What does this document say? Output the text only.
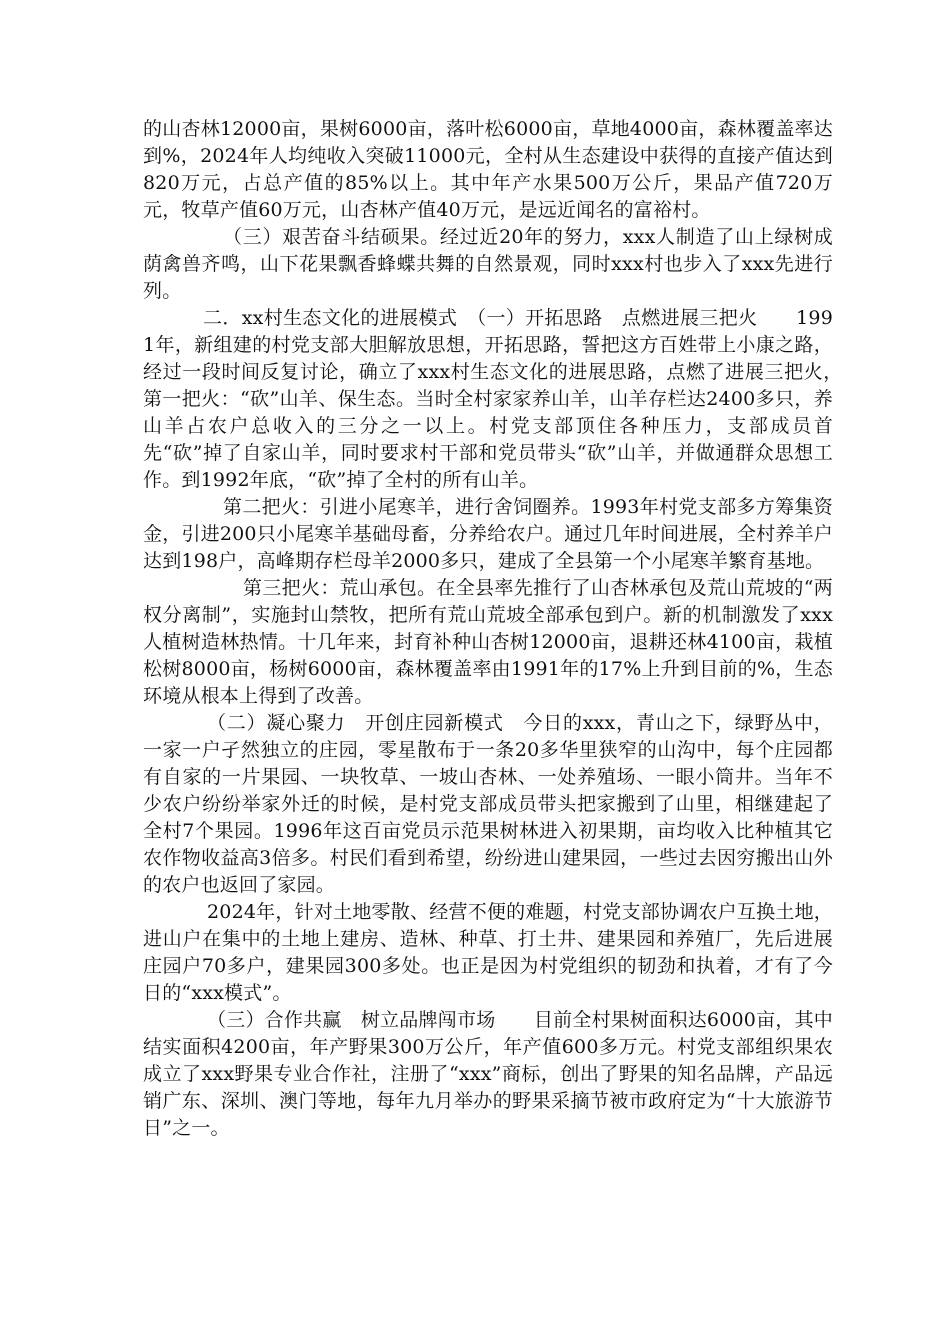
的山杏林12000亩，果树6000亩，落叶松6000亩，草地4000亩，森林覆盖率达到%，2024年人均纯收入突破11000元，全村从生态建设中获得的直接产值达到820万元，占总产值的85%以上。其中年产水果500万公斤，果品产值720万元，牧草产值60万元，山杏林产值40万元，是远近闻名的富裕村。

（三）艰苦奋斗结硕果。经过近20年的努力，xxx人制造了山上绿树成荫禽兽齐鸣，山下花果飘香蜂蝶共舞的自然景观，同时xxx村也步入了xxx先进行列。

二．xx村生态文化的进展模式　（一）开拓思路　点燃进展三把火　　1991年，新组建的村党支部大胆解放思想，开拓思路，誓把这方百姓带上小康之路，经过一段时间反复讨论，确立了xxx村生态文化的进展思路，点燃了进展三把火，　　第一把火：“砍”山羊、保生态。当时全村家家养山羊，山羊存栏达2400多只，养山羊占农户总收入的三分之一以上。村党支部顶住各种压力，支部成员首先“砍”掉了自家山羊，同时要求村干部和党员带头“砍”山羊，并做通群众思想工作。到1992年底，“砍”掉了全村的所有山羊。

第二把火：引进小尾寒羊，进行舍饲圈养。1993年村党支部多方筹集资金，引进200只小尾寒羊基础母畜，分养给农户。通过几年时间进展，全村养羊户达到198户，高峰期存栏母羊2000多只，建成了全县第一个小尾寒羊繁育基地。

第三把火：荒山承包。在全县率先推行了山杏林承包及荒山荒坡的“两权分离制”，实施封山禁牧，把所有荒山荒坡全部承包到户。新的机制激发了xxx人植树造林热情。十几年来，封育补种山杏树12000亩，退耕还林4100亩，栽植松树8000亩，杨树6000亩，森林覆盖率由1991年的17%上升到目前的%，生态环境从根本上得到了改善。

（二）凝心聚力　开创庄园新模式　今日的xxx，青山之下，绿野丛中，一家一户孑然独立的庄园，零星散布于一条20多华里狭窄的山沟中，每个庄园都有自家的一片果园、一块牧草、一坡山杏林、一处养殖场、一眼小筒井。当年不少农户纷纷举家外迁的时候，是村党支部成员带头把家搬到了山里，相继建起了全村7个果园。1996年这百亩党员示范果树林进入初果期，亩均收入比种植其它农作物收益高3倍多。村民们看到希望，纷纷进山建果园，一些过去因穷搬出山外的农户也返回了家园。

2024年，针对土地零散、经营不便的难题，村党支部协调农户互换土地，进山户在集中的土地上建房、造林、种草、打土井、建果园和养殖厂，先后进展庄园户70多户，建果园300多处。也正是因为村党组织的韧劲和执着，才有了今日的“xxx模式”。

（三）合作共赢　树立品牌闯市场　　目前全村果树面积达6000亩，其中结实面积4200亩，年产野果300万公斤，年产值600多万元。村党支部组织果农成立了xxx野果专业合作社，注册了“xxx”商标，创出了野果的知名品牌，产品远销广东、深圳、澳门等地，每年九月举办的野果采摘节被市政府定为“十大旅游节日”之一。
